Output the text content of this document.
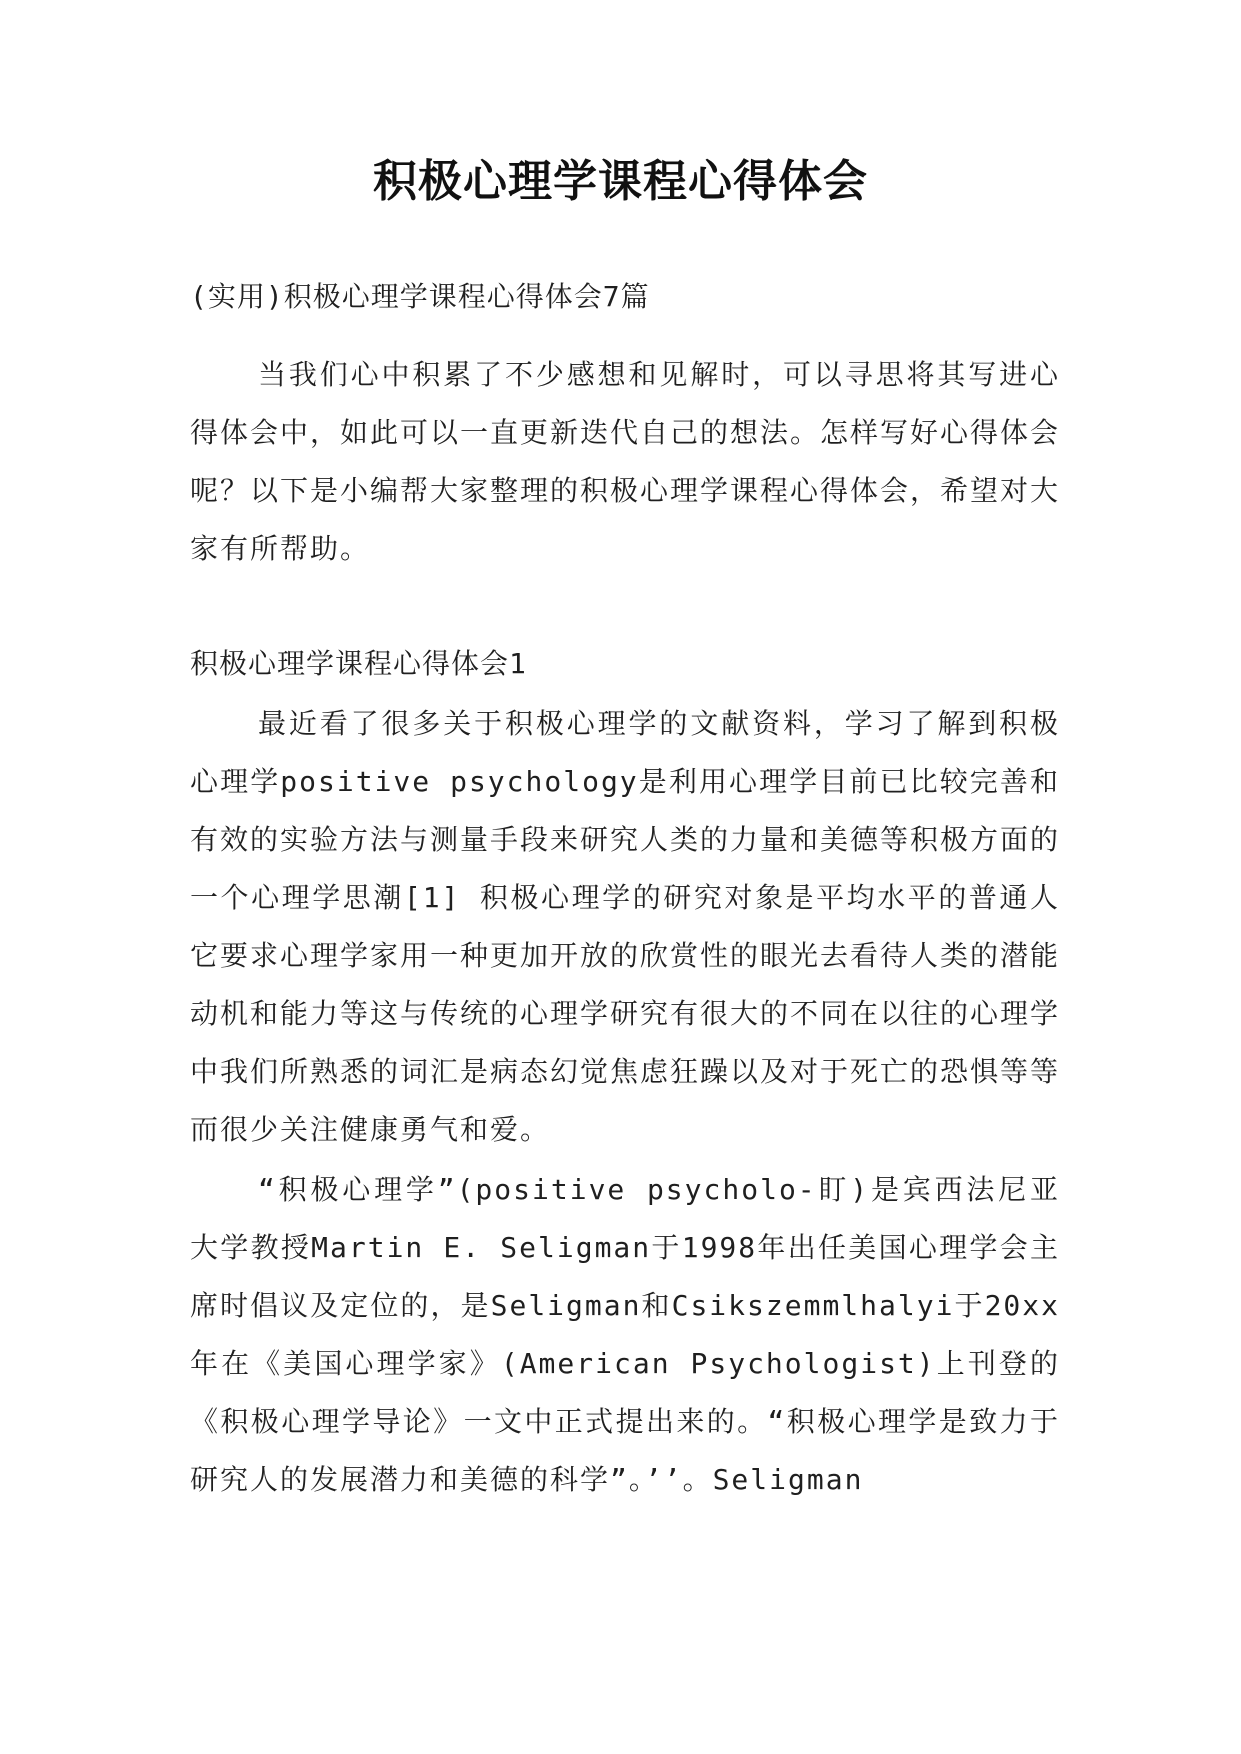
积极心理学课程心得体会
(实用)积极心理学课程心得体会7篇
当我们心中积累了不少感想和见解时，可以寻思将其写进心得体会中，如此可以一直更新迭代自己的想法。怎样写好心得体会呢？以下是小编帮大家整理的积极心理学课程心得体会，希望对大家有所帮助。
积极心理学课程心得体会1
最近看了很多关于积极心理学的文献资料，学习了解到积极心理学positive psychology是利用心理学目前已比较完善和有效的实验方法与测量手段来研究人类的力量和美德等积极方面的一个心理学思潮[1] 积极心理学的研究对象是平均水平的普通人它要求心理学家用一种更加开放的欣赏性的眼光去看待人类的潜能动机和能力等这与传统的心理学研究有很大的不同在以往的心理学中我们所熟悉的词汇是病态幻觉焦虑狂躁以及对于死亡的恐惧等等而很少关注健康勇气和爱。
“积极心理学”(positive psycholo-盯)是宾西法尼亚大学教授Martin E. Seligman于1998年出任美国心理学会主席时倡议及定位的，是Seligman和Csikszemmlhalyi于20xx年在《美国心理学家》(American Psychologist)上刊登的《积极心理学导论》一文中正式提出来的。“积极心理学是致力于研究人的发展潜力和美德的科学”。’’。Seligman
